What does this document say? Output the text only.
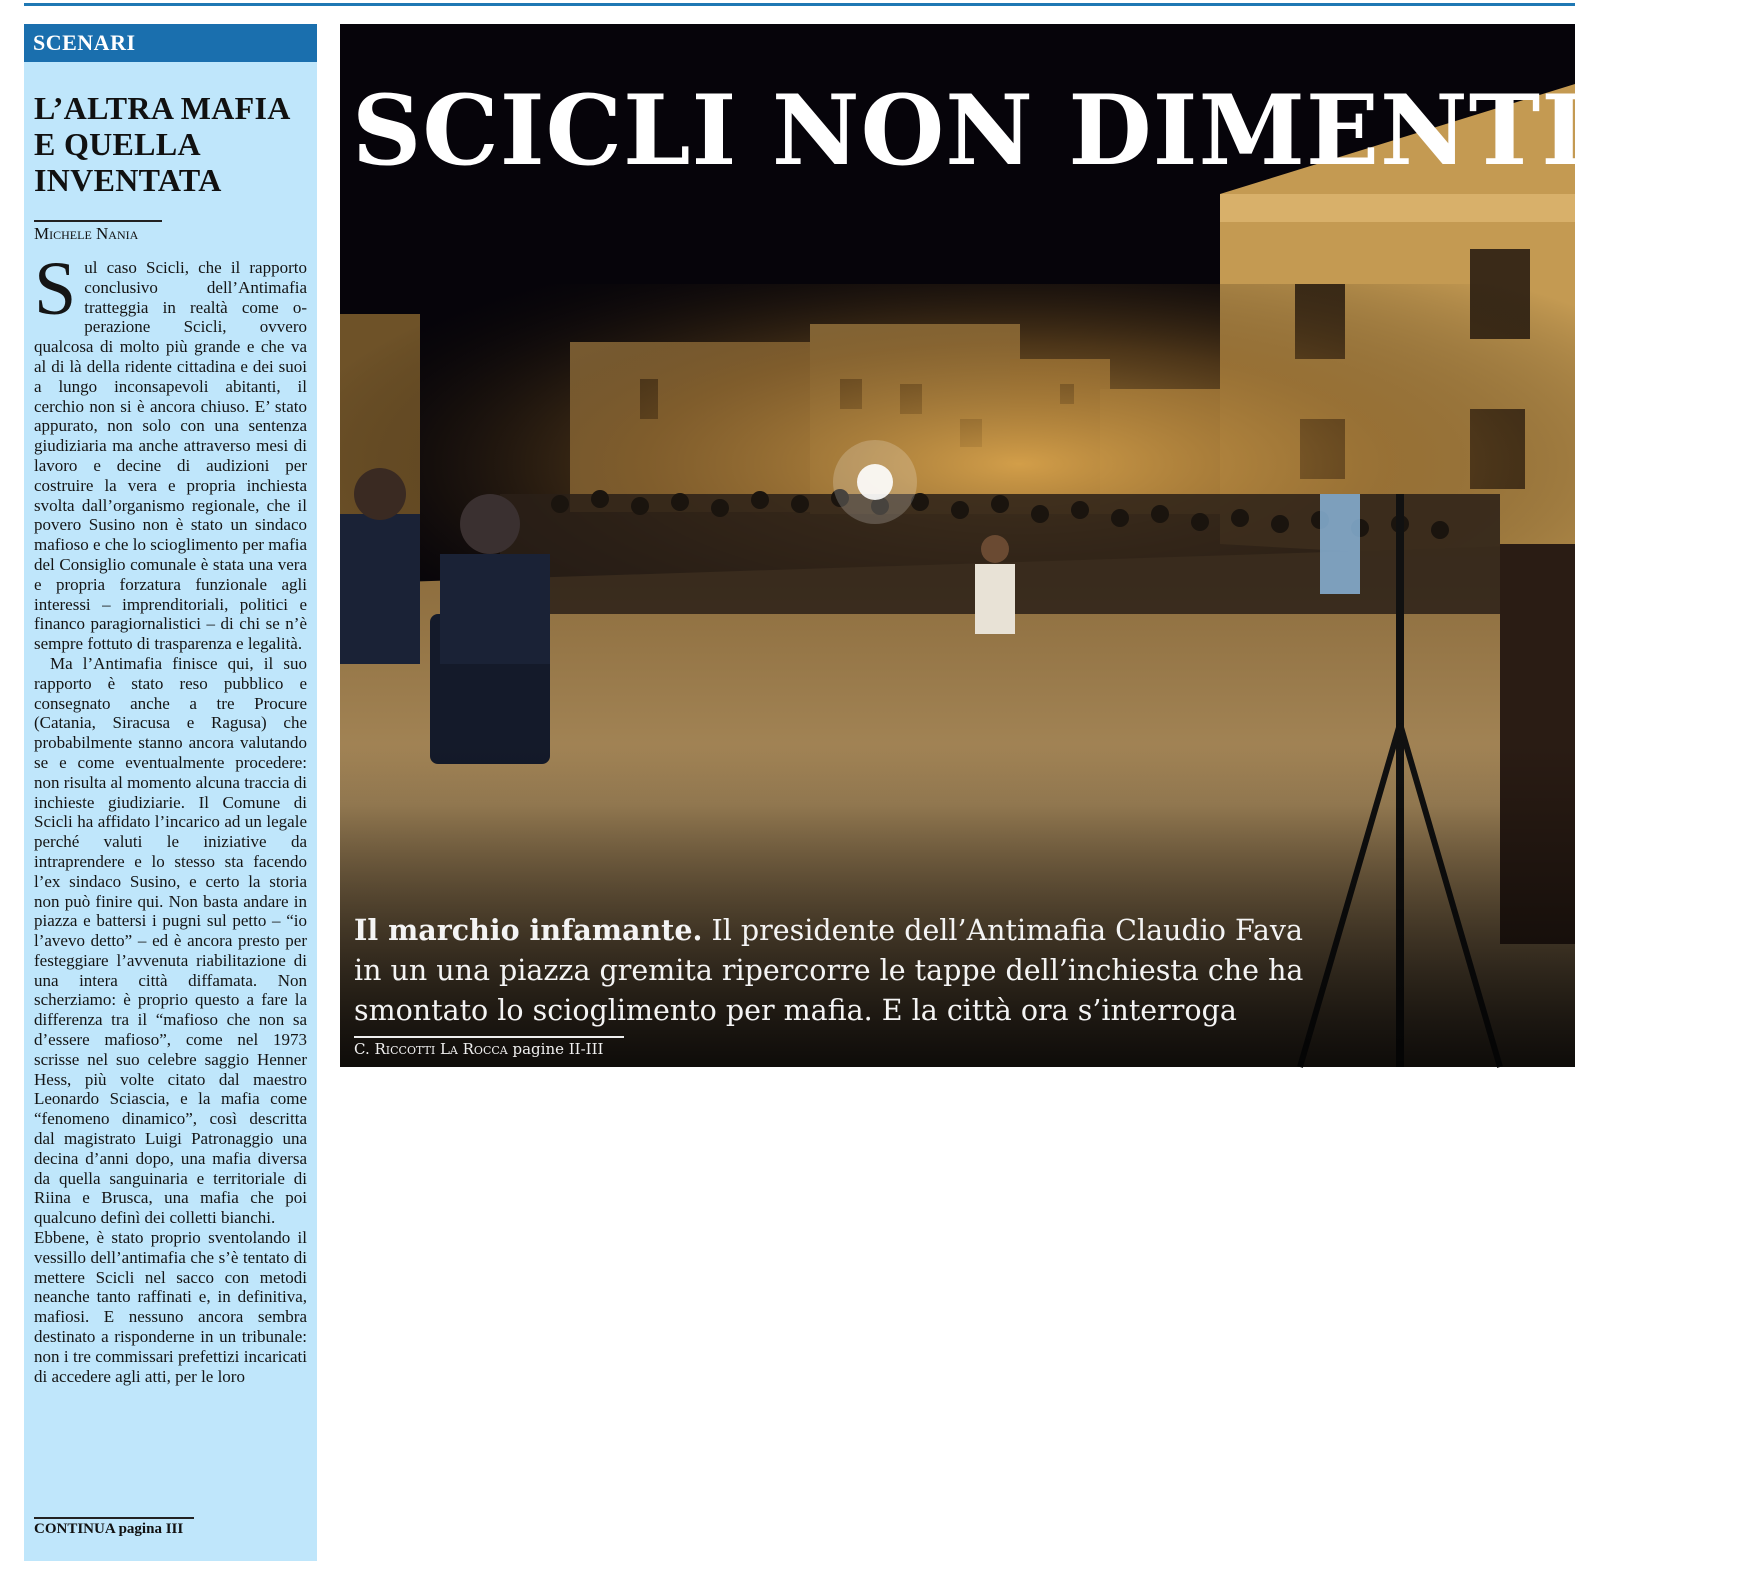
SCENARI
L’ALTRA MAFIA
E QUELLA
INVENTATA
Michele Nania

Sul caso Scicli, che il rapporto conclusivo dell’Antimafia tratteggia in realtà come o-perazione Scicli, ovvero qualcosa di molto più grande e che va al di là della ridente cittadina e dei suoi a lungo inconsapevoli abitanti, il cerchio non si è ancora chiuso. E’ stato appurato, non solo con una sentenza giudiziaria ma anche attraverso mesi di lavoro e decine di audizioni per costruire la vera e propria inchiesta svolta dall’organismo regionale, che il povero Susino non è stato un sindaco mafioso e che lo scioglimento per mafia del Consiglio comunale è stata una vera e propria forzatura funzionale agli interessi – imprenditoriali, politici e financo paragiornalistici – di chi se n’è sempre fottuto di trasparenza e legalità.

Ma l’Antimafia finisce qui, il suo rapporto è stato reso pubblico e consegnato anche a tre Procure (Catania, Siracusa e Ragusa) che probabilmente stanno ancora valutando se e come eventualmente procedere: non risulta al momento alcuna traccia di inchieste giudiziarie. Il Comune di Scicli ha affidato l’incarico ad un legale perché valuti le iniziative da intraprendere e lo stesso sta facendo l’ex sindaco Susino, e certo la storia non può finire qui. Non basta andare in piazza e battersi i pugni sul petto – “io l’avevo detto” – ed è ancora presto per festeggiare l’avvenuta riabilitazione di una intera città diffamata. Non scherziamo: è proprio questo a fare la differenza tra il “mafioso che non sa d’essere mafioso”, come nel 1973 scrisse nel suo celebre saggio Henner Hess, più volte citato dal maestro Leonardo Sciascia, e la mafia come “fenomeno dinamico”, così descritta dal magistrato Luigi Patronaggio una decina d’anni dopo, una mafia diversa da quella sanguinaria e territoriale di Riina e Brusca, una mafia che poi qualcuno definì dei colletti bianchi.

Ebbene, è stato proprio sventolando il vessillo dell’antimafia che s’è tentato di mettere Scicli nel sacco con metodi neanche tanto raffinati e, in definitiva, mafiosi. E nessuno ancora sembra destinato a risponderne in un tribunale: non i tre commissari prefettizi incaricati di accedere agli atti, per le loro

CONTINUA pagina III
SCICLI NON DIMENTICA

Il marchio infamante. Il presidente dell’Antimafia Claudio Fava in un una piazza gremita ripercorre le tappe dell’inchiesta che ha smontato lo scioglimento per mafia. E la città ora s’interroga

C. Riccotti La Rocca pagine II-III
